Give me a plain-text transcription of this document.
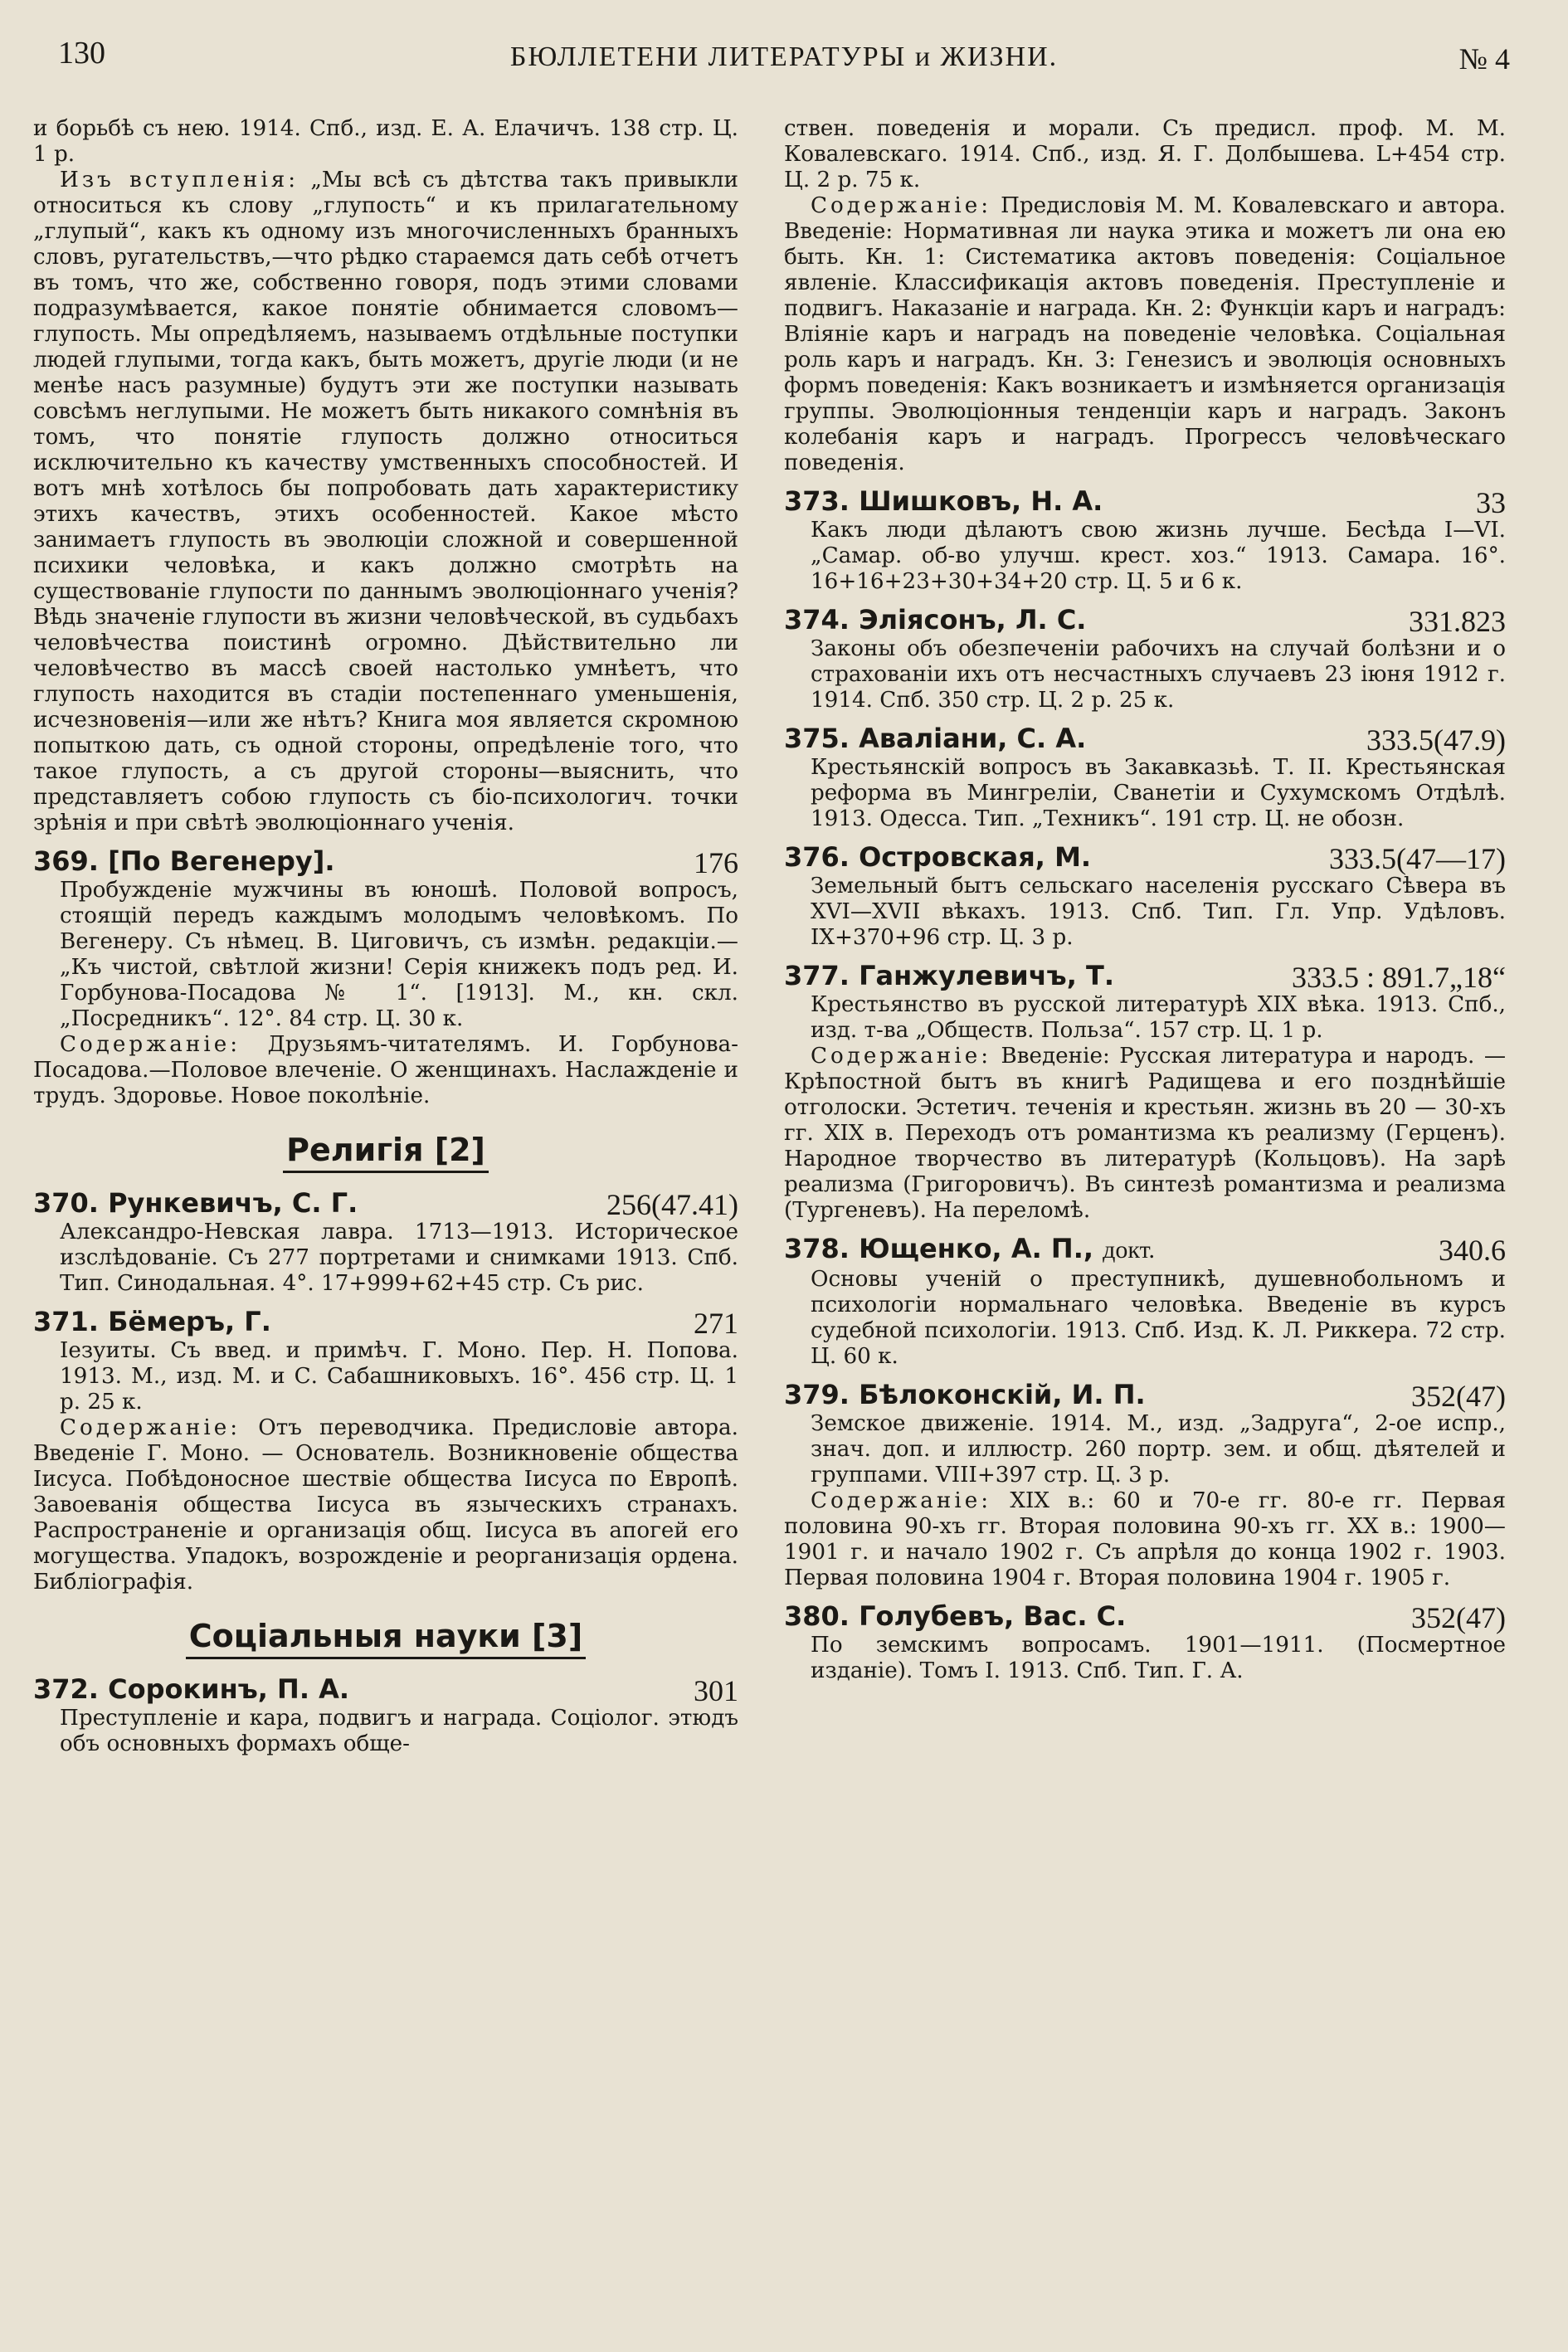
130	БЮЛЛЕТЕНИ ЛИТЕРАТУРЫ и ЖИЗНИ.	№ 4

и борьбѣ съ нею. 1914. Спб., изд. Е. А. Елачичъ. 138 стр. Ц. 1 р.

Изъ вступленія: „Мы всѣ съ дѣтства такъ привыкли относиться къ слову „глупость“ и къ прилагательному „глупый“, какъ къ одному изъ многочисленныхъ бранныхъ словъ, ругательствъ,—что рѣдко стараемся дать себѣ отчетъ въ томъ, что же, собственно говоря, подъ этими словами подразумѣвается, какое понятіе обнимается словомъ—глупость. Мы опредѣляемъ, называемъ отдѣльные поступки людей глупыми, тогда какъ, быть можетъ, другіе люди (и не менѣе насъ разумные) будутъ эти же поступки называть совсѣмъ неглупыми. Не можетъ быть никакого сомнѣнія въ томъ, что понятіе глупость должно относиться исключительно къ качеству умственныхъ способностей. И вотъ мнѣ хотѣлось бы попробовать дать характеристику этихъ качествъ, этихъ особенностей. Какое мѣсто занимаетъ глупость въ эволюціи сложной и совершенной психики человѣка, и какъ должно смотрѣть на существованіе глупости по даннымъ эволюціоннаго ученія? Вѣдь значеніе глупости въ жизни человѣческой, въ судьбахъ человѣчества поистинѣ огромно. Дѣйствительно ли человѣчество въ массѣ своей настолько умнѣетъ, что глупость находится въ стадіи постепеннаго уменьшенія, исчезновенія—или же нѣтъ? Книга моя является скромною попыткою дать, съ одной стороны, опредѣленіе того, что такое глупость, а съ другой стороны—выяснить, что представляетъ собою глупость съ біо-психологич. точки зрѣнія и при свѣтѣ эволюціоннаго ученія.

369. [По Вегенеру].	176

Пробужденіе мужчины въ юношѣ. Половой вопросъ, стоящій передъ каждымъ молодымъ человѣкомъ. По Вегенеру. Съ нѣмец. В. Циговичъ, съ измѣн. редакціи.—„Къ чистой, свѣтлой жизни! Серія книжекъ подъ ред. И. Горбунова-Посадова № 1“. [1913]. М., кн. скл. „Посредникъ“. 12°. 84 стр. Ц. 30 к.

Содержаніе: Друзьямъ-читателямъ. И. Горбунова-Посадова.—Половое влеченіе. О женщинахъ. Наслажденіе и трудъ. Здоровье. Новое поколѣніе.

Религія [2]
370. Рункевичъ, С. Г.	256(47.41)

Александро-Невская лавра. 1713—1913. Историческое изслѣдованіе. Съ 277 портретами и снимками 1913. Спб. Тип. Синодальная. 4°. 17+999+62+45 стр. Съ рис.

371. Бёмеръ, Г.	271

Іезуиты. Съ введ. и примѣч. Г. Моно. Пер. Н. Попова. 1913. М., изд. М. и С. Сабашниковыхъ. 16°. 456 стр. Ц. 1 р. 25 к.

Содержаніе: Отъ переводчика. Предисловіе автора. Введеніе Г. Моно. — Основатель. Возникновеніе общества Іисуса. Побѣдоносное шествіе общества Іисуса по Европѣ. Завоеванія общества Іисуса въ языческихъ странахъ. Распространеніе и организація общ. Іисуса въ апогей его могущества. Упадокъ, возрожденіе и реорганизація ордена. Библіографія.

Соціальныя науки [3]
372. Сорокинъ, П. А.	301

Преступленіе и кара, подвигъ и награда. Соціолог. этюдъ объ основныхъ формахъ обще-

ствен. поведенія и морали. Съ предисл. проф. М. М. Ковалевскаго. 1914. Спб., изд. Я. Г. Долбышева. L+454 стр. Ц. 2 р. 75 к.

Содержаніе: Предисловія М. М. Ковалевскаго и автора. Введеніе: Нормативная ли наука этика и можетъ ли она ею быть. Кн. 1: Систематика актовъ поведенія: Соціальное явленіе. Классификація актовъ поведенія. Преступленіе и подвигъ. Наказаніе и награда. Кн. 2: Функціи каръ и наградъ: Вліяніе каръ и наградъ на поведеніе человѣка. Соціальная роль каръ и наградъ. Кн. 3: Генезисъ и эволюція основныхъ формъ поведенія: Какъ возникаетъ и измѣняется организація группы. Эволюціонныя тенденціи каръ и наградъ. Законъ колебанія каръ и наградъ. Прогрессъ человѣческаго поведенія.

373. Шишковъ, Н. А.	33

Какъ люди дѣлаютъ свою жизнь лучше. Бесѣда I—VI. „Самар. об-во улучш. крест. хоз.“ 1913. Самара. 16°. 16+16+23+30+34+20 стр. Ц. 5 и 6 к.

374. Эліясонъ, Л. С.	331.823

Законы объ обезпеченіи рабочихъ на случай болѣзни и о страхованіи ихъ отъ несчастныхъ случаевъ 23 іюня 1912 г. 1914. Спб. 350 стр. Ц. 2 р. 25 к.

375. Аваліани, С. А.	333.5(47.9)

Крестьянскій вопросъ въ Закавказьѣ. Т. II. Крестьянская реформа въ Мингреліи, Сванетіи и Сухумскомъ Отдѣлѣ. 1913. Одесса. Тип. „Техникъ“. 191 стр. Ц. не обозн.

376. Островская, М.	333.5(47—17)

Земельный бытъ сельскаго населенія русскаго Сѣвера въ XVI—XVII вѣкахъ. 1913. Спб. Тип. Гл. Упр. Удѣловъ. IX+370+96 стр. Ц. 3 р.

377. Ганжулевичъ, Т.	333.5 : 891.7„18“

Крестьянство въ русской литературѣ XIX вѣка. 1913. Спб., изд. т-ва „Обществ. Польза“. 157 стр. Ц. 1 р.

Содержаніе: Введеніе: Русская литература и народъ. — Крѣпостной бытъ въ книгѣ Радищева и его позднѣйшіе отголоски. Эстетич. теченія и крестьян. жизнь въ 20 — 30-хъ гг. XIX в. Переходъ отъ романтизма къ реализму (Герценъ). Народное творчество въ литературѣ (Кольцовъ). На зарѣ реализма (Григоровичъ). Въ синтезѣ романтизма и реализма (Тургеневъ). На переломѣ.

378. Ющенко, А. П., докт.	340.6

Основы ученій о преступникѣ, душевнобольномъ и психологіи нормальнаго человѣка. Введеніе въ курсъ судебной психологіи. 1913. Спб. Изд. К. Л. Риккера. 72 стр. Ц. 60 к.

379. Бѣлоконскій, И. П.	352(47)

Земское движеніе. 1914. М., изд. „Задруга“, 2-ое испр., знач. доп. и иллюстр. 260 портр. зем. и общ. дѣятелей и группами. VIII+397 стр. Ц. 3 р.

Содержаніе: XIX в.: 60 и 70-е гг. 80-е гг. Первая половина 90-хъ гг. Вторая половина 90-хъ гг. XX в.: 1900—1901 г. и начало 1902 г. Съ апрѣля до конца 1902 г. 1903. Первая половина 1904 г. Вторая половина 1904 г. 1905 г.

380. Голубевъ, Вас. С.	352(47)

По земскимъ вопросамъ. 1901—1911. (Посмертное изданіе). Томъ I. 1913. Спб. Тип. Г. А.
